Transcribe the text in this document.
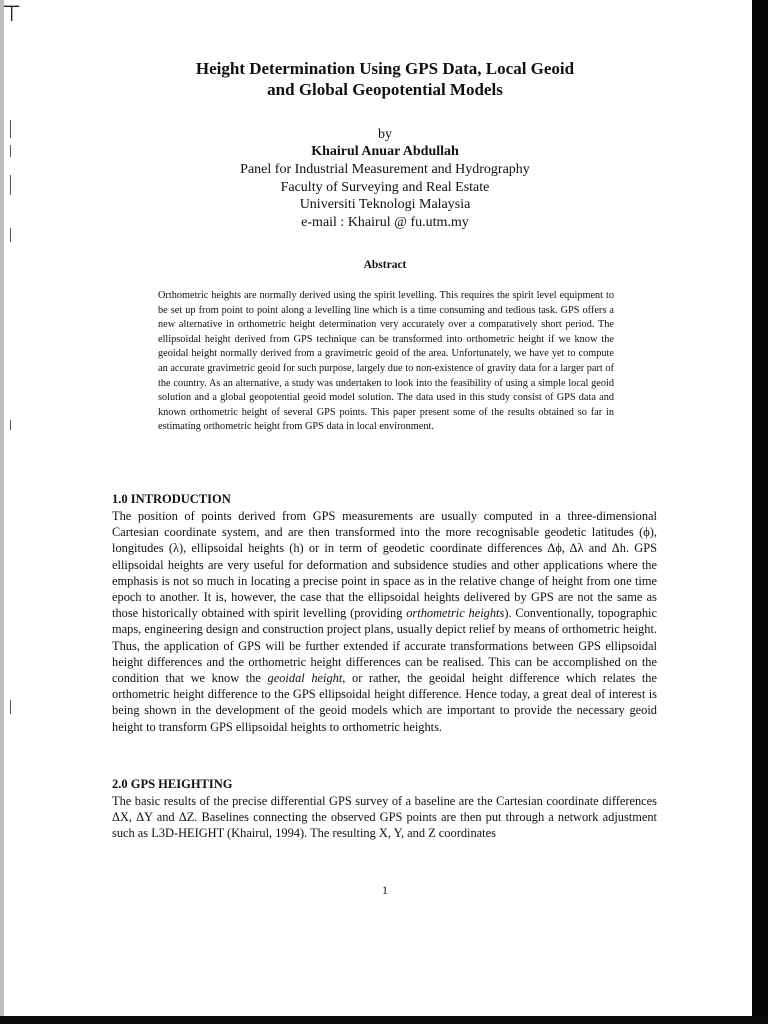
⊤
Height Determination Using GPS Data, Local Geoid
and Global Geopotential Models
by
Khairul Anuar Abdullah
Panel for Industrial Measurement and Hydrography
Faculty of Surveying and Real Estate
Universiti Teknologi Malaysia
e-mail : Khairul @ fu.utm.my
Abstract
Orthometric heights are normally derived using the spirit levelling. This requires the spirit level equipment to be set up from point to point along a levelling line which is a time consuming and tedious task. GPS offers a new alternative in orthometric height determination very accurately over a comparatively short period. The ellipsoidal height derived from GPS technique can be transformed into orthometric height if we know the geoidal height normally derived from a gravimetric geoid of the area. Unfortunately, we have yet to compute an accurate gravimetric geoid for such purpose, largely due to non-existence of gravity data for a larger part of the country. As an alternative, a study was undertaken to look into the feasibility of using a simple local geoid solution and a global geopotential geoid model solution. The data used in this study consist of GPS data and known orthometric height of several GPS points. This paper present some of the results obtained so far in estimating orthometric height from GPS data in local environment.
1.0 INTRODUCTION
The position of points derived from GPS measurements are usually computed in a three-dimensional Cartesian coordinate system, and are then transformed into the more recognisable geodetic latitudes (ϕ), longitudes (λ), ellipsoidal heights (h) or in term of geodetic coordinate differences Δϕ, Δλ and Δh. GPS ellipsoidal heights are very useful for deformation and subsidence studies and other applications where the emphasis is not so much in locating a precise point in space as in the relative change of height from one time epoch to another. It is, however, the case that the ellipsoidal heights delivered by GPS are not the same as those historically obtained with spirit levelling (providing orthometric heights). Conventionally, topographic maps, engineering design and construction project plans, usually depict relief by means of orthometric height. Thus, the application of GPS will be further extended if accurate transformations between GPS ellipsoidal height differences and the orthometric height differences can be realised. This can be accomplished on the condition that we know the geoidal height, or rather, the geoidal height difference which relates the orthometric height difference to the GPS ellipsoidal height difference. Hence today, a great deal of interest is being shown in the development of the geoid models which are important to provide the necessary geoid height to transform GPS ellipsoidal heights to orthometric heights.
2.0 GPS HEIGHTING
The basic results of the precise differential GPS survey of a baseline are the Cartesian coordinate differences ΔX, ΔY and ΔZ. Baselines connecting the observed GPS points are then put through a network adjustment such as L3D-HEIGHT (Khairul, 1994). The resulting X, Y, and Z coordinates
1
